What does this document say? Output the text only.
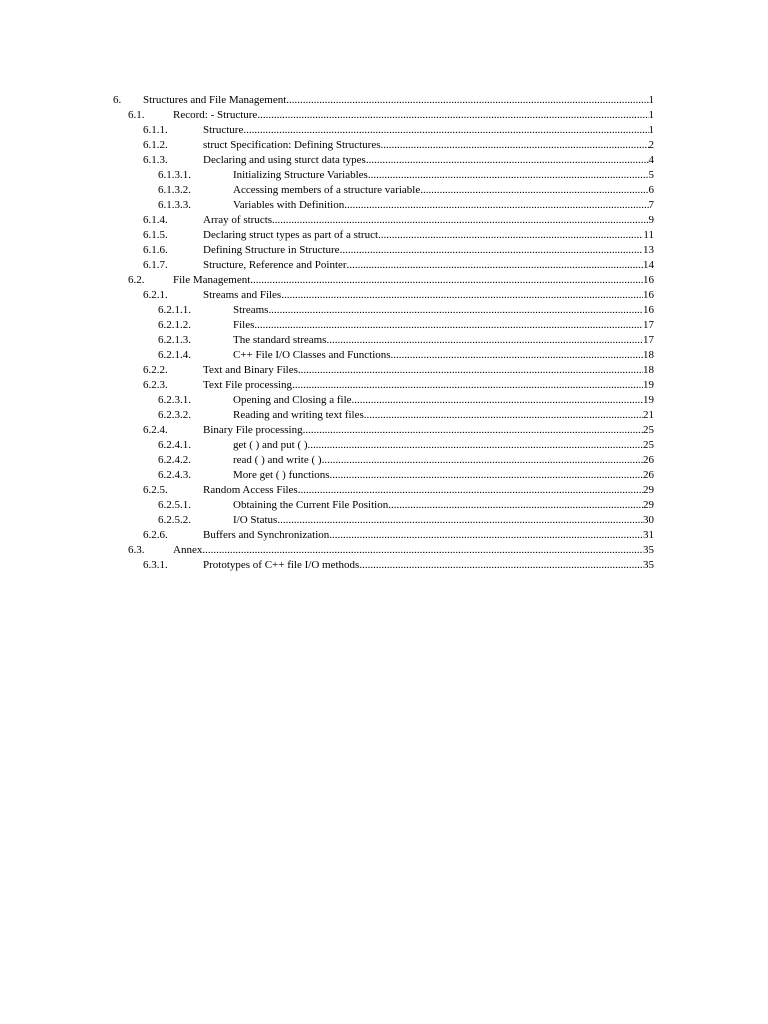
6. Structures and File Management .....	1
6.1.	Record: - Structure .....	1
6.1.1.	Structure .....	1
6.1.2.	struct Specification: Defining Structures .....	2
6.1.3.	Declaring and using sturct data types .....	4
6.1.3.1.	Initializing Structure Variables .....	5
6.1.3.2.	Accessing members of a structure variable .....	6
6.1.3.3.	Variables with Definition .....	7
6.1.4.	Array of structs .....	9
6.1.5.	Declaring struct types as part of a struct .....	11
6.1.6.	Defining Structure in Structure .....	13
6.1.7.	Structure, Reference and Pointer .....	14
6.2.	File Management .....	16
6.2.1.	Streams and Files .....	16
6.2.1.1.	Streams .....	16
6.2.1.2.	Files .....	17
6.2.1.3.	The standard streams .....	17
6.2.1.4.	C++ File I/O Classes and Functions .....	18
6.2.2.	Text and Binary Files .....	18
6.2.3.	Text File processing .....	19
6.2.3.1.	Opening and Closing a file .....	19
6.2.3.2.	Reading and writing text files .....	21
6.2.4.	Binary File processing .....	25
6.2.4.1.	get ( ) and put ( ) .....	25
6.2.4.2.	read ( ) and write ( ) .....	26
6.2.4.3.	More get ( ) functions .....	26
6.2.5.	Random Access Files .....	29
6.2.5.1.	Obtaining the Current File Position .....	29
6.2.5.2.	I/O Status .....	30
6.2.6.	Buffers and Synchronization .....	31
6.3.	Annex .....	35
6.3.1.	Prototypes of C++ file I/O methods .....	35
